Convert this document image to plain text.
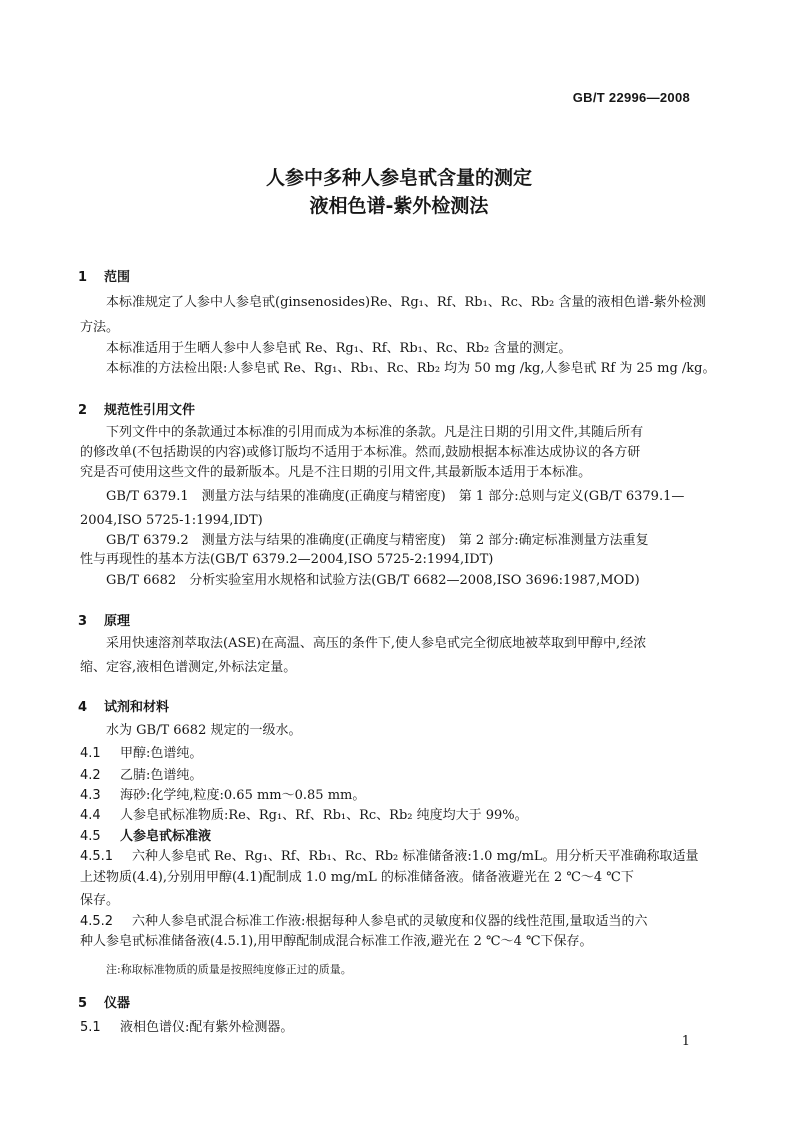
GB/T 22996—2008
人参中多种人参皂甙含量的测定
液相色谱-紫外检测法
1 范围
本标准规定了人参中人参皂甙(ginsenosides)Re、Rg₁、Rf、Rb₁、Rc、Rb₂ 含量的液相色谱-紫外检测
方法。
本标准适用于生晒人参中人参皂甙 Re、Rg₁、Rf、Rb₁、Rc、Rb₂ 含量的测定。
本标准的方法检出限:人参皂甙 Re、Rg₁、Rb₁、Rc、Rb₂ 均为 50 mg /kg,人参皂甙 Rf 为 25 mg /kg。
2 规范性引用文件
下列文件中的条款通过本标准的引用而成为本标准的条款。凡是注日期的引用文件,其随后所有
的修改单(不包括勘误的内容)或修订版均不适用于本标准。然而,鼓励根据本标准达成协议的各方研
究是否可使用这些文件的最新版本。凡是不注日期的引用文件,其最新版本适用于本标准。
GB/T 6379.1　测量方法与结果的准确度(正确度与精密度)　第 1 部分:总则与定义(GB/T 6379.1—
2004,ISO 5725-1:1994,IDT)
GB/T 6379.2　测量方法与结果的准确度(正确度与精密度)　第 2 部分:确定标准测量方法重复
性与再现性的基本方法(GB/T 6379.2—2004,ISO 5725-2:1994,IDT)
GB/T 6682　分析实验室用水规格和试验方法(GB/T 6682—2008,ISO 3696:1987,MOD)
3 原理
采用快速溶剂萃取法(ASE)在高温、高压的条件下,使人参皂甙完全彻底地被萃取到甲醇中,经浓
缩、定容,液相色谱测定,外标法定量。
4 试剂和材料
水为 GB/T 6682 规定的一级水。
4.1 甲醇:色谱纯。
4.2 乙腈:色谱纯。
4.3 海砂:化学纯,粒度:0.65 mm～0.85 mm。
4.4 人参皂甙标准物质:Re、Rg₁、Rf、Rb₁、Rc、Rb₂ 纯度均大于 99%。
4.5 人参皂甙标准液
4.5.1 六种人参皂甙 Re、Rg₁、Rf、Rb₁、Rc、Rb₂ 标准储备液:1.0 mg/mL。用分析天平准确称取适量
上述物质(4.4),分别用甲醇(4.1)配制成 1.0 mg/mL 的标准储备液。储备液避光在 2 ℃～4 ℃下
保存。
4.5.2 六种人参皂甙混合标准工作液:根据每种人参皂甙的灵敏度和仪器的线性范围,量取适当的六
种人参皂甙标准储备液(4.5.1),用甲醇配制成混合标准工作液,避光在 2 ℃～4 ℃下保存。
注:称取标准物质的质量是按照纯度修正过的质量。
5 仪器
5.1 液相色谱仪:配有紫外检测器。
1
